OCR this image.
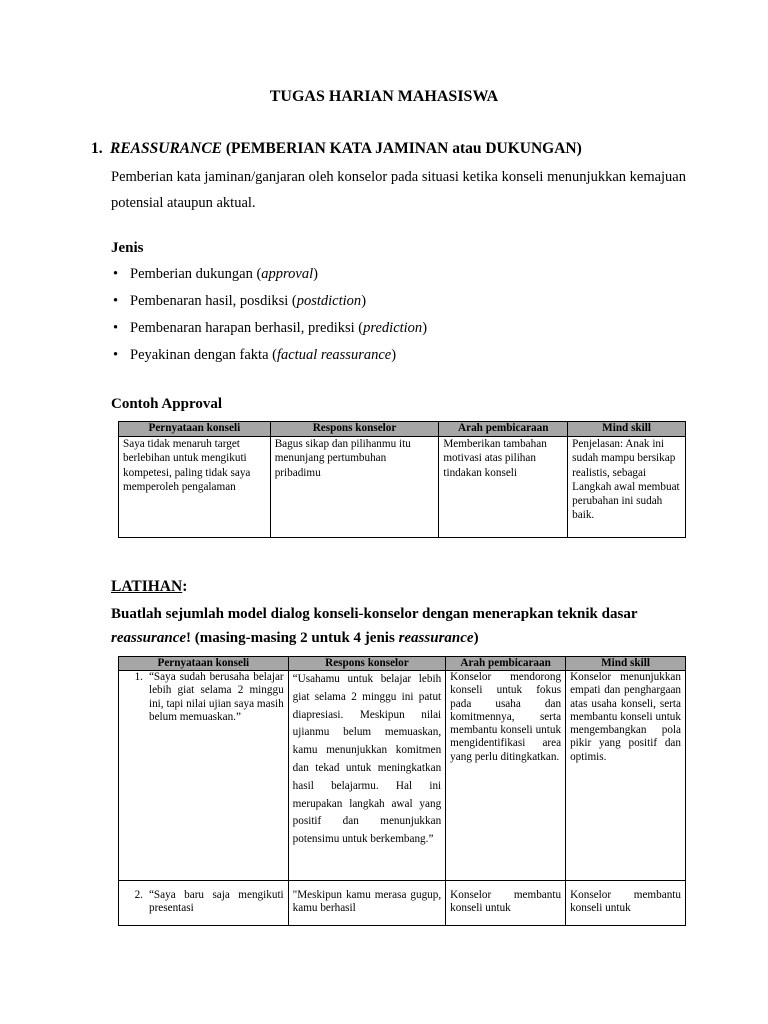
TUGAS HARIAN MAHASISWA
1. REASSURANCE (PEMBERIAN KATA JAMINAN atau DUKUNGAN)
Pemberian kata jaminan/ganjaran oleh konselor pada situasi ketika konseli menunjukkan kemajuan potensial ataupun aktual.
Jenis
• Pemberian dukungan (approval)
• Pembenaran hasil, posdiksi (postdiction)
• Pembenaran harapan berhasil, prediksi (prediction)
• Peyakinan dengan fakta (factual reassurance)
Contoh Approval
Pernyataan konseli	Respons konselor	Arah pembicaraan	Mind skill
Saya tidak menaruh target berlebihan untuk mengikuti kompetesi, paling tidak saya memperoleh pengalaman	Bagus sikap dan pilihanmu itu menunjang pertumbuhan pribadimu	Memberikan tambahan motivasi atas pilihan tindakan konseli	Penjelasan: Anak ini sudah mampu bersikap realistis, sebagai Langkah awal membuat perubahan ini sudah baik.
LATIHAN:
Buatlah sejumlah model dialog konseli-konselor dengan menerapkan teknik dasar reassurance! (masing-masing 2 untuk 4 jenis reassurance)
Pernyataan konseli		Respons konselor	Arah pembicaraan	Mind skill
1.	“Saya sudah berusaha belajar lebih giat selama 2 minggu ini, tapi nilai ujian saya masih belum memuaskan.”	“Usahamu untuk belajar lebih giat selama 2 minggu ini patut diapresiasi. Meskipun nilai ujianmu belum memuaskan, kamu menunjukkan komitmen dan tekad untuk meningkatkan hasil belajarmu. Hal ini merupakan langkah awal yang positif dan menunjukkan potensimu untuk berkembang.”	Konselor mendorong konseli untuk fokus pada usaha dan komitmennya, serta membantu konseli untuk mengidentifikasi area yang perlu ditingkatkan.	Konselor menunjukkan empati dan penghargaan atas usaha konseli, serta membantu konseli untuk mengembangkan pola pikir yang positif dan optimis.
2.	“Saya baru saja mengikuti presentasi	"Meskipun kamu merasa gugup, kamu berhasil	Konselor membantu konseli untuk	Konselor membantu konseli untuk
